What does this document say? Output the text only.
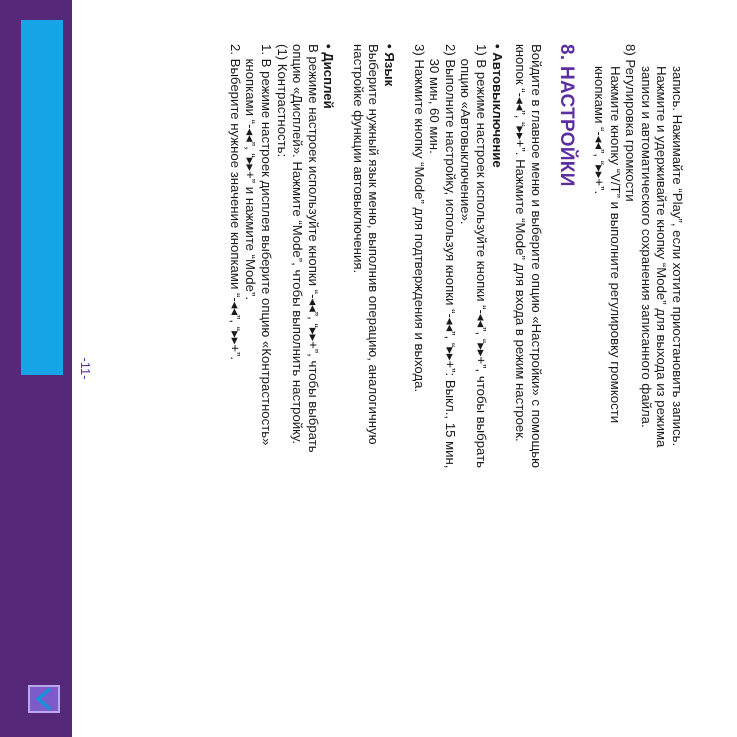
запись. Нажимайте “Play”, если хотите приостановить запись.

Нажмите и удерживайте кнопку “Mode” для выхода из режима

записи и автоматического сохранения записанного файла.

8) Регулировка громкости

Нажмите кнопку “V/T” и выполните регулировку громкости

кнопками “-◂◂”, “▸▸+”.

8. НАСТРОЙКИ

Войдите в главное меню и выберите опцию «Настройки» с помощью

кнопок “-◂◂”, “▸▸+”. Нажмите “Mode” для входа в режим настроек.

• Автовыключение

1) В режиме настроек используйте кнопки “-◂◂”, “▸▸+”, чтобы выбрать

опцию «Автовыключение».

2) Выполните настройку, используя кнопки “-◂◂”, “▸▸+”: Выкл., 15 мин,

30 мин, 60 мин.

3) Нажмите кнопку “Mode” для подтверждения и выхода.

• Язык

Выберите нужный язык меню, выполнив операцию, аналогичную

настройке функции автовыключения.

• Дисплей

В режиме настроек используйте кнопки “-◂◂”, “▸▸+”, чтобы выбрать

опцию «Дисплей». Нажмите “Mode”, чтобы выполнить настройку.

(1) Контрастность:

1. В режиме настроек дисплея выберите опцию «Контрастность»

кнопками “-◂◂”, “▸▸+” и нажмите “Mode”.

2. Выберите нужное значение кнопками “-◂◂”, “▸▸+”.

-11-
